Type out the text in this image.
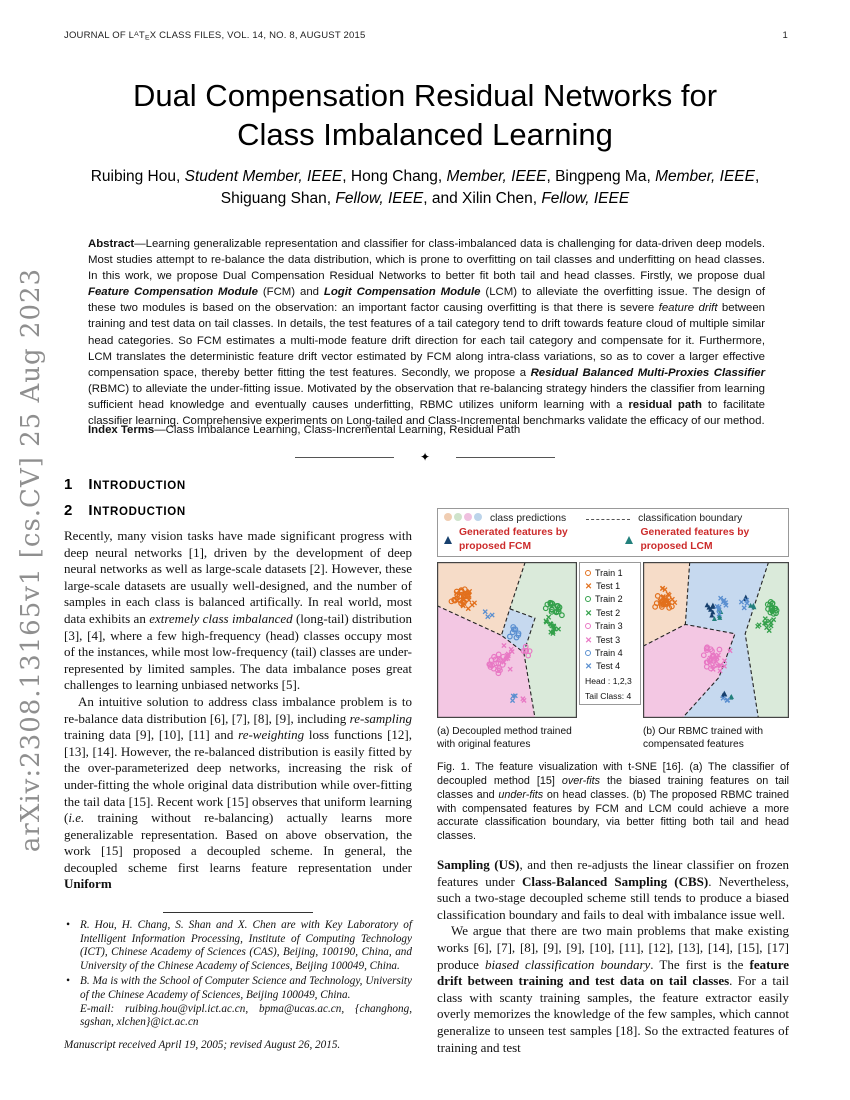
arXiv:2308.13165v1 [cs.CV] 25 Aug 2023
JOURNAL OF $L^ATEX$ CLASS FILES, VOL. 14, NO. 8, AUGUST 2015	1
Dual Compensation Residual Networks for
Class Imbalanced Learning
Ruibing Hou, Student Member, IEEE, Hong Chang, Member, IEEE, Bingpeng Ma, Member, IEEE,
Shiguang Shan, Fellow, IEEE, and Xilin Chen, Fellow, IEEE
Abstract—Learning generalizable representation and classifier for class-imbalanced data is challenging for data-driven deep models. Most studies attempt to re-balance the data distribution, which is prone to overfitting on tail classes and underfitting on head classes. In this work, we propose Dual Compensation Residual Networks to better fit both tail and head classes. Firstly, we propose dual Feature Compensation Module (FCM) and Logit Compensation Module (LCM) to alleviate the overfitting issue. The design of these two modules is based on the observation: an important factor causing overfitting is that there is severe feature drift between training and test data on tail classes. In details, the test features of a tail category tend to drift towards feature cloud of multiple similar head categories. So FCM estimates a multi-mode feature drift direction for each tail category and compensate for it. Furthermore, LCM translates the deterministic feature drift vector estimated by FCM along intra-class variations, so as to cover a larger effective compensation space, thereby better fitting the test features. Secondly, we propose a Residual Balanced Multi-Proxies Classifier (RBMC) to alleviate the under-fitting issue. Motivated by the observation that re-balancing strategy hinders the classifier from learning sufficient head knowledge and eventually causes underfitting, RBMC utilizes uniform learning with a residual path to facilitate classifier learning. Comprehensive experiments on Long-tailed and Class-Incremental benchmarks validate the efficacy of our method.
Index Terms—Class Imbalance Learning, Class-Incremental Learning, Residual Path
✦
1 INTRODUCTION
2 INTRODUCTION

Recently, many vision tasks have made significant progress with deep neural networks [1], driven by the development of deep neural networks as well as large-scale datasets [2]. However, these large-scale datasets are usually well-designed, and the number of samples in each class is balanced artifically. In real world, most data exhibits an extremely class imbalanced (long-tail) distribution [3], [4], where a few high-frequency (head) classes occupy most of the instances, while most low-frequency (tail) classes are under-represented by limited samples. The data imbalance poses great challenges to learning unbiased networks [5].

An intuitive solution to address class imbalance problem is to re-balance data distribution [6], [7], [8], [9], including re-sampling training data [9], [10], [11] and re-weighting loss functions [12], [13], [14]. However, the re-balanced distribution is easily fitted by the over-parameterized deep networks, increasing the risk of under-fitting the whole original data distribution while over-fitting the tail data [15]. Recent work [15] observes that uniform learning (i.e. training without re-balancing) actually learns more generalizable representation. Based on above observation, the work [15] proposed a decoupled scheme. In general, the decoupled scheme first learns feature representation under Uniform

• R. Hou, H. Chang, S. Shan and X. Chen are with Key Laboratory of Intelligent Information Processing, Institute of Computing Technology (ICT), Chinese Academy of Sciences (CAS), Beijing, 100190, China, and University of the Chinese Academy of Sciences, Beijing 100049, China.
• B. Ma is with the School of Computer Science and Technology, University of the Chinese Academy of Sciences, Beijing 100049, China.
E-mail: ruibing.hou@vipl.ict.ac.cn, bpma@ucas.ac.cn, {changhong, sgshan, xlchen}@ict.ac.cn
Manuscript received April 19, 2005; revised August 26, 2015.
class predictions	classification boundary
Generated features by proposed FCM
Generated features by proposed LCM
(a) Decoupled method trained
with original features
Train 1
✕ Test 1
Train 2
✕ Test 2
Train 3
✕ Test 3
Train 4
✕ Test 4
Head : 1,2,3
Tail Class: 4
(b) Our RBMC trained with
compensated features
Fig. 1. The feature visualization with t-SNE [16]. (a) The classifier of decoupled method [15] over-fits the biased training features on tail classes and under-fits on head classes. (b) The proposed RBMC trained with compensated features by FCM and LCM could achieve a more accurate classification boundary, via better fitting both tail and head classes.

Sampling (US), and then re-adjusts the linear classifier on frozen features under Class-Balanced Sampling (CBS). Nevertheless, such a two-stage decoupled scheme still tends to produce a biased classification boundary and fails to deal with imbalance issue well.

We argue that there are two main problems that make existing works [6], [7], [8], [9], [9], [10], [11], [12], [13], [14], [15], [17] produce biased classification boundary. The first is the feature drift between training and test data on tail classes. For a tail class with scanty training samples, the feature extractor easily overly memorizes the knowledge of the few samples, which cannot generalize to unseen test samples [18]. So the extracted features of training and test
